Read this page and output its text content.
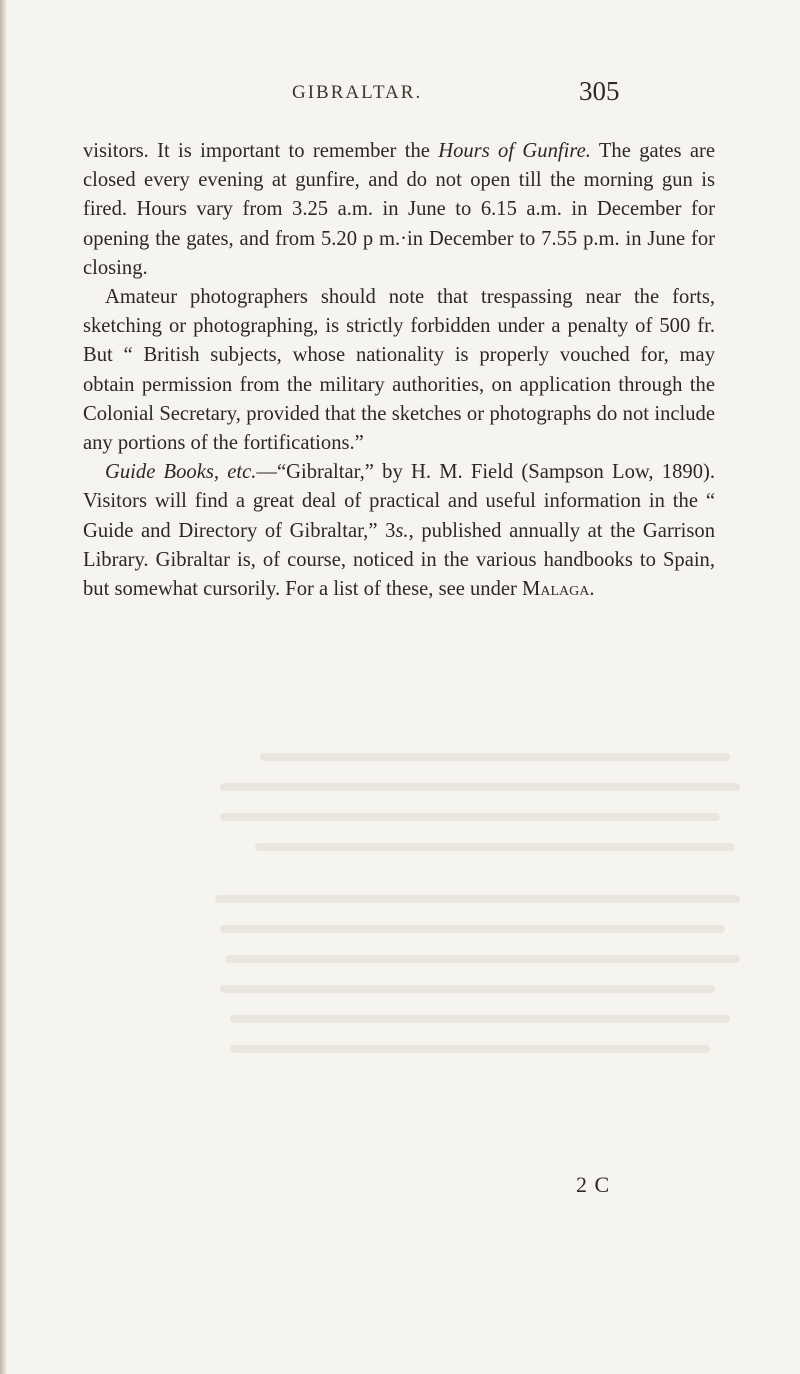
GIBRALTAR.	305

visitors. It is important to remember the Hours of Gunfire. The gates are closed every evening at gunfire, and do not open till the morning gun is fired. Hours vary from 3.25 a.m. in June to 6.15 a.m. in December for opening the gates, and from 5.20 p m.·in December to 7.55 p.m. in June for closing.

Amateur photographers should note that trespassing near the forts, sketching or photographing, is strictly forbidden under a penalty of 500 fr. But “ British subjects, whose nationality is properly vouched for, may obtain permission from the military authorities, on application through the Colonial Secretary, provided that the sketches or photographs do not include any portions of the fortifications.”

Guide Books, etc.—“Gibraltar,” by H. M. Field (Sampson Low, 1890). Visitors will find a great deal of practical and useful information in the “ Guide and Directory of Gibraltar,” 3s., published annually at the Garrison Library. Gibraltar is, of course, noticed in the various handbooks to Spain, but somewhat cursorily. For a list of these, see under Malaga.

2 C
